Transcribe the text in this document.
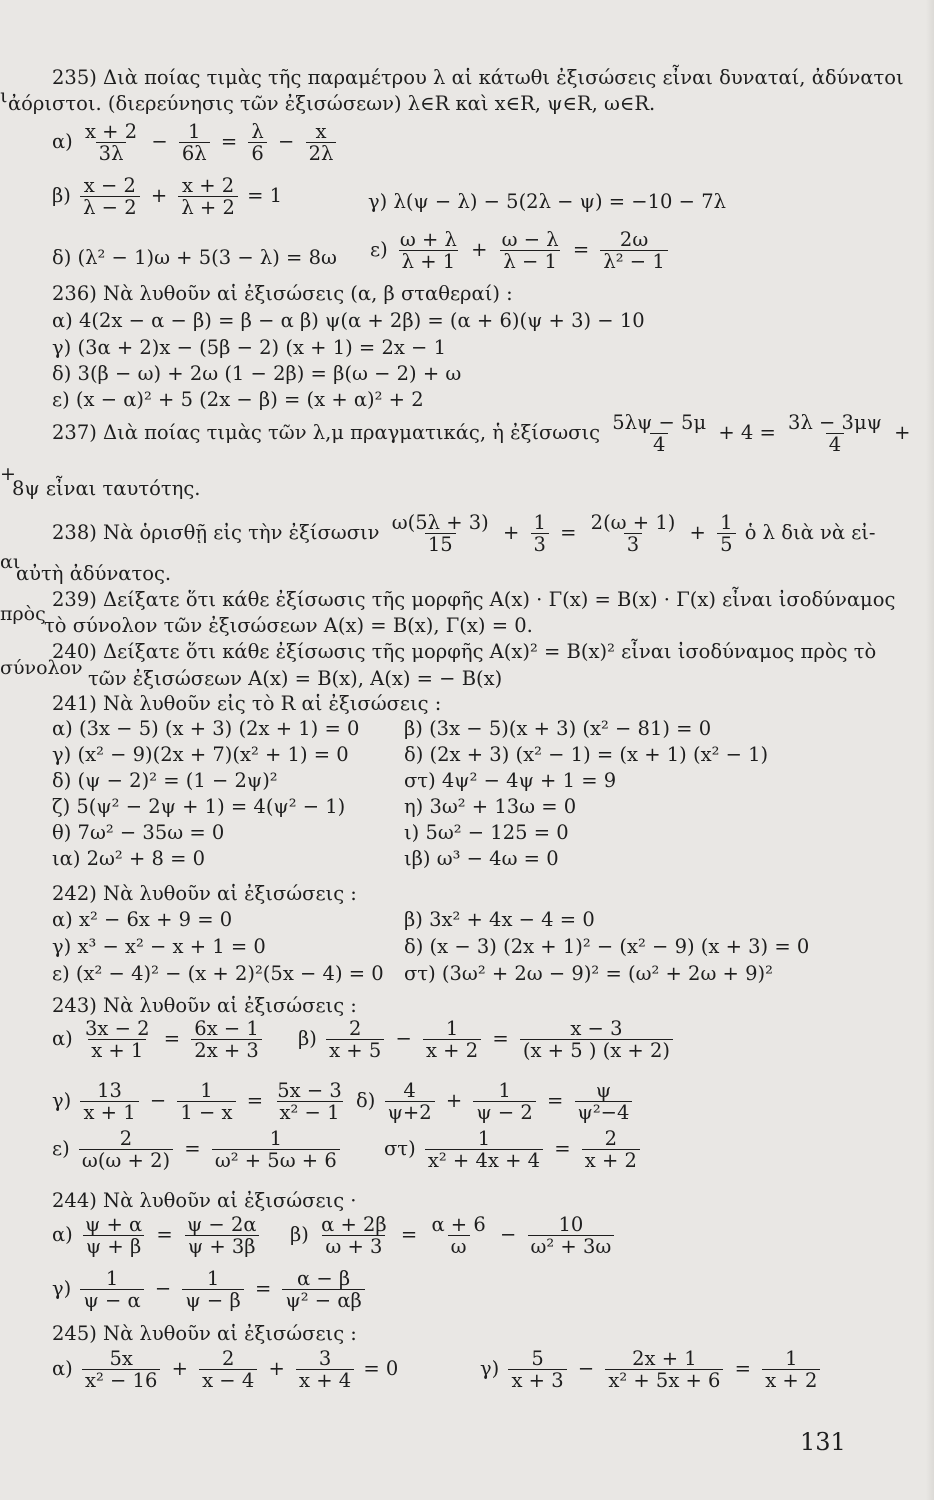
ι
235) Διὰ ποίας τιμὰς τῆς παραμέτρου λ αἱ κάτωθι ἐξισώσεις εἶναι δυναταί, ἀδύνατοι
ἀόριστοι. (διερεύνησις τῶν ἐξισώσεων) λ∈R καὶ x∈R, ψ∈R, ω∈R.
$\alpha) \frac{x + 2}{3\lambda} - \frac{1}{6\lambda} = \frac{\lambda}{6} - \frac{x}{2\lambda}$
$\beta) \frac{x - 2}{\lambda - 2} + \frac{x + 2}{\lambda + 2} = 1$	γ) λ(ψ − λ) − 5(2λ − ψ) = −10 − 7λ
δ) (λ² − 1)ω + 5(3 − λ) = 8ω $\varepsilon) \frac{\omega + \lambda}{\lambda + 1} + \frac{\omega - \lambda}{\lambda - 1} = \frac{2\omega}{\text{λ² − 1}}$
236) Νὰ λυθοῦν αἱ ἐξισώσεις (α, β σταθεραί) :
α) 4(2x − α − β) = β − α β) ψ(α + 2β) = (α + 6)(ψ + 3) − 10
γ) (3α + 2)x − (5β − 2) (x + 1) = 2x − 1
δ) 3(β − ω) + 2ω (1 − 2β) = β(ω − 2) + ω
ε) (x − α)² + 5 (2x − β) = (x + α)² + 2
237) Διὰ ποίας τιμὰς τῶν λ,μ πραγματικάς, ἡ ἐξίσωσις $\frac{5\lambda\psi - 5\mu}{4} + 4 = \frac{3\lambda - 3\mu\psi}{4}$ +
+
8ψ εἶναι ταυτότης.
238) Νὰ ὁρισθῇ εἰς τὴν ἐξίσωσιν $\frac{\omega(5\lambda + 3)}{15} + \frac{1}{3} = \frac{2(\omega + 1)}{3} + \frac{1}{5}$ ὁ λ διὰ νὰ εἰ-
αι
αὐτὴ ἀδύνατος.
239) Δείξατε ὅτι κάθε ἐξίσωσις τῆς μορφῆς A(x) · Γ(x) = B(x) · Γ(x) εἶναι ἰσοδύναμος
πρὸς
τὸ σύνολον τῶν ἐξισώσεων A(x) = B(x), Γ(x) = 0.
240) Δείξατε ὅτι κάθε ἐξίσωσις τῆς μορφῆς A(x)² = B(x)² εἶναι ἰσοδύναμος πρὸς τὸ
σύνολον τῶν ἐξισώσεων A(x) = B(x), A(x) = − B(x)
241) Νὰ λυθοῦν εἰς τὸ R αἱ ἐξισώσεις :
α) (3x − 5) (x + 3) (2x + 1) = 0
γ) (x² − 9)(2x + 7)(x² + 1) = 0
δ) (ψ − 2)² = (1 − 2ψ)²
ζ) 5(ψ² − 2ψ + 1) = 4(ψ² − 1)
θ) 7ω² − 35ω = 0
ια) 2ω² + 8 = 0
β) (3x − 5)(x + 3) (x² − 81) = 0
δ) (2x + 3) (x² − 1) = (x + 1) (x² − 1)
στ) 4ψ² − 4ψ + 1 = 9
η) 3ω² + 13ω = 0
ι) 5ω² − 125 = 0
ιβ) ω³ − 4ω = 0
242) Νὰ λυθοῦν αἱ ἐξισώσεις :
α) x² − 6x + 9 = 0
γ) x³ − x² − x + 1 = 0
ε) (x² − 4)² − (x + 2)²(5x − 4) = 0
β) 3x² + 4x − 4 = 0
δ) (x − 3) (2x + 1)² − (x² − 9) (x + 3) = 0
στ) (3ω² + 2ω − 9)² = (ω² + 2ω + 9)²
243) Νὰ λυθοῦν αἱ ἐξισώσεις :
$\alpha) \frac{3x - 2}{x + 1} = \frac{6x - 1}{2x + 3} \beta) \frac{2}{x + 5} - \frac{1}{x + 2} = \frac{x - 3}{(x + 5 ) (x + 2)}$
$\gamma) \frac{13}{x + 1} - \frac{1}{1 - x} = \frac{5x - 3}{\text{x² − 1}} \delta) \frac{4}{\psi+2} + \frac{1}{\psi - 2} = \frac{\psi}{\text{ψ²−4}}$
$\varepsilon) \frac{2}{\omega(\omega + 2)} = \frac{1}{\text{ω² + 5ω + 6}} \sigma\tau) \frac{1}{\text{x² + 4x + 4}} = \frac{2}{x + 2}$
244) Νὰ λυθοῦν αἱ ἐξισώσεις ·
$\alpha) \frac{\psi + \alpha}{\psi + \beta} = \frac{\psi - 2\alpha}{\psi + 3\beta} \beta) \frac{\alpha + 2\beta}{\omega + 3} = \frac{\alpha + 6}{\omega} - \frac{10}{\text{ω² + 3ω}}$
$\gamma) \frac{1}{\psi - \alpha} - \frac{1}{\psi - \beta} = \frac{\alpha - \beta}{\text{ψ² − αβ}}$
245) Νὰ λυθοῦν αἱ ἐξισώσεις :
$\alpha) \frac{5x}{\text{x² − 16}} + \frac{2}{x - 4} + \frac{3}{x + 4} = 0$	$\gamma) \frac{5}{x + 3} - \frac{2x + 1}{\text{x² + 5x + 6}} = \frac{1}{x + 2}$
131
